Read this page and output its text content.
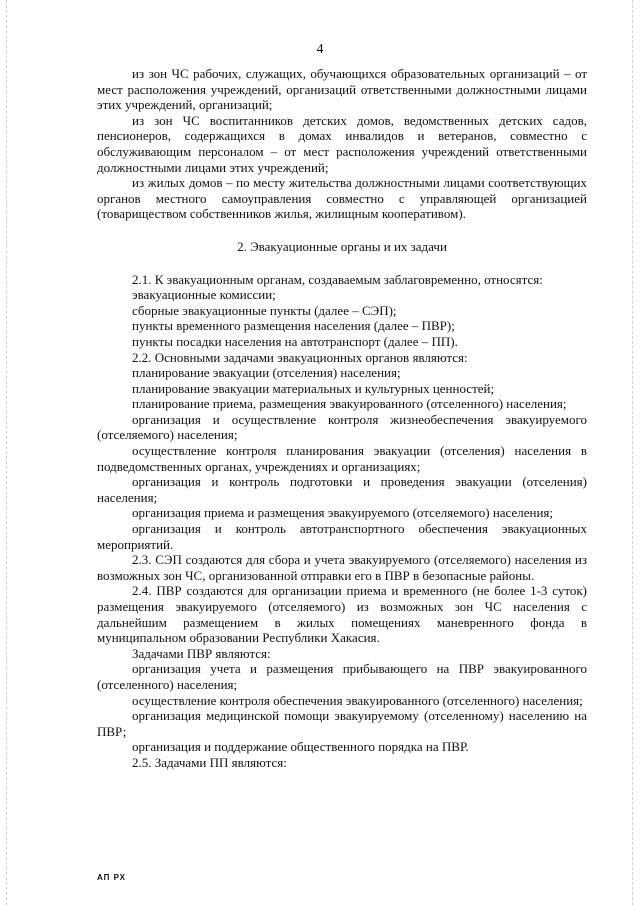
4

из зон ЧС рабочих, служащих, обучающихся образовательных организаций – от мест расположения учреждений, организаций ответственными должностными лицами этих учреждений, организаций;

из зон ЧС воспитанников детских домов, ведомственных детских садов, пенсионеров, содержащихся в домах инвалидов и ветеранов, совместно с обслуживающим персоналом – от мест расположения учреждений ответственными должностными лицами этих учреждений;

из жилых домов – по месту жительства должностными лицами соответствующих органов местного самоуправления совместно с управляющей организацией (товариществом собственников жилья, жилищным кооперативом).

2. Эвакуационные органы и их задачи

2.1. К эвакуационным органам, создаваемым заблаговременно, относятся:

эвакуационные комиссии;

сборные эвакуационные пункты (далее – СЭП);

пункты временного размещения населения (далее – ПВР);

пункты посадки населения на автотранспорт (далее – ПП).

2.2. Основными задачами эвакуационных органов являются:

планирование эвакуации (отселения) населения;

планирование эвакуации материальных и культурных ценностей;

планирование приема, размещения эвакуированного (отселенного) населения;

организация и осуществление контроля жизнеобеспечения эвакуируемого (отселяемого) населения;

осуществление контроля планирования эвакуации (отселения) населения в подведомственных органах, учреждениях и организациях;

организация и контроль подготовки и проведения эвакуации (отселения) населения;

организация приема и размещения эвакуируемого (отселяемого) населения;

организация и контроль автотранспортного обеспечения эвакуационных мероприятий.

2.3. СЭП создаются для сбора и учета эвакуируемого (отселяемого) населения из возможных зон ЧС, организованной отправки его в ПВР в безопасные районы.

2.4. ПВР создаются для организации приема и временного (не более 1-3 суток) размещения эвакуируемого (отселяемого) из возможных зон ЧС населения с дальнейшим размещением в жилых помещениях маневренного фонда в муниципальном образовании Республики Хакасия.

Задачами ПВР являются:

организация учета и размещения прибывающего на ПВР эвакуированного (отселенного) населения;

осуществление контроля обеспечения эвакуированного (отселенного) населения;

организация медицинской помощи эвакуируемому (отселенному) населению на ПВР;

организация и поддержание общественного порядка на ПВР.

2.5. Задачами ПП являются:

АП РХ
